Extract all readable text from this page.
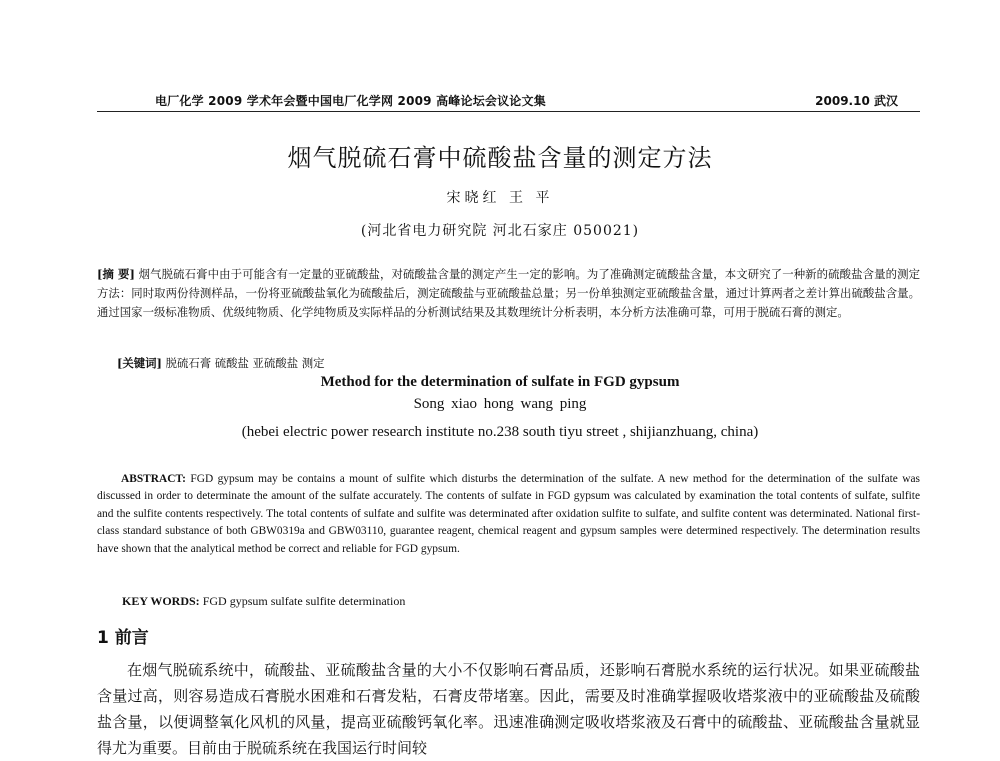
电厂化学 2009 学术年会暨中国电厂化学网 2009 高峰论坛会议论文集	2009.10 武汉
烟气脱硫石膏中硫酸盐含量的测定方法
宋晓红 王 平
(河北省电力研究院 河北石家庄 050021)
[摘 要] 烟气脱硫石膏中由于可能含有一定量的亚硫酸盐，对硫酸盐含量的测定产生一定的影响。为了准确测定硫酸盐含量，本文研究了一种新的硫酸盐含量的测定方法：同时取两份待测样品，一份将亚硫酸盐氧化为硫酸盐后，测定硫酸盐与亚硫酸盐总量；另一份单独测定亚硫酸盐含量，通过计算两者之差计算出硫酸盐含量。通过国家一级标准物质、优级纯物质、化学纯物质及实际样品的分析测试结果及其数理统计分析表明，本分析方法准确可靠，可用于脱硫石膏的测定。
[关键词] 脱硫石膏 硫酸盐 亚硫酸盐 测定
Method for the determination of sulfate in FGD gypsum
Song xiao hong wang ping
(hebei electric power research institute no.238 south tiyu street , shijianzhuang, china)
ABSTRACT: FGD gypsum may be contains a mount of sulfite which disturbs the determination of the sulfate. A new method for the determination of the sulfate was discussed in order to determinate the amount of the sulfate accurately. The contents of sulfate in FGD gypsum was calculated by examination the total contents of sulfate, sulfite and the sulfite contents respectively. The total contents of sulfate and sulfite was determinated after oxidation sulfite to sulfate, and sulfite content was determinated. National first-class standard substance of both GBW0319a and GBW03110, guarantee reagent, chemical reagent and gypsum samples were determined respectively. The determination results have shown that the analytical method be correct and reliable for FGD gypsum.
KEY WORDS: FGD gypsum sulfate sulfite determination
1 前言
在烟气脱硫系统中，硫酸盐、亚硫酸盐含量的大小不仅影响石膏品质，还影响石膏脱水系统的运行状况。如果亚硫酸盐含量过高，则容易造成石膏脱水困难和石膏发粘，石膏皮带堵塞。因此，需要及时准确掌握吸收塔浆液中的亚硫酸盐及硫酸盐含量，以便调整氧化风机的风量，提高亚硫酸钙氧化率。迅速准确测定吸收塔浆液及石膏中的硫酸盐、亚硫酸盐含量就显得尤为重要。目前由于脱硫系统在我国运行时间较
